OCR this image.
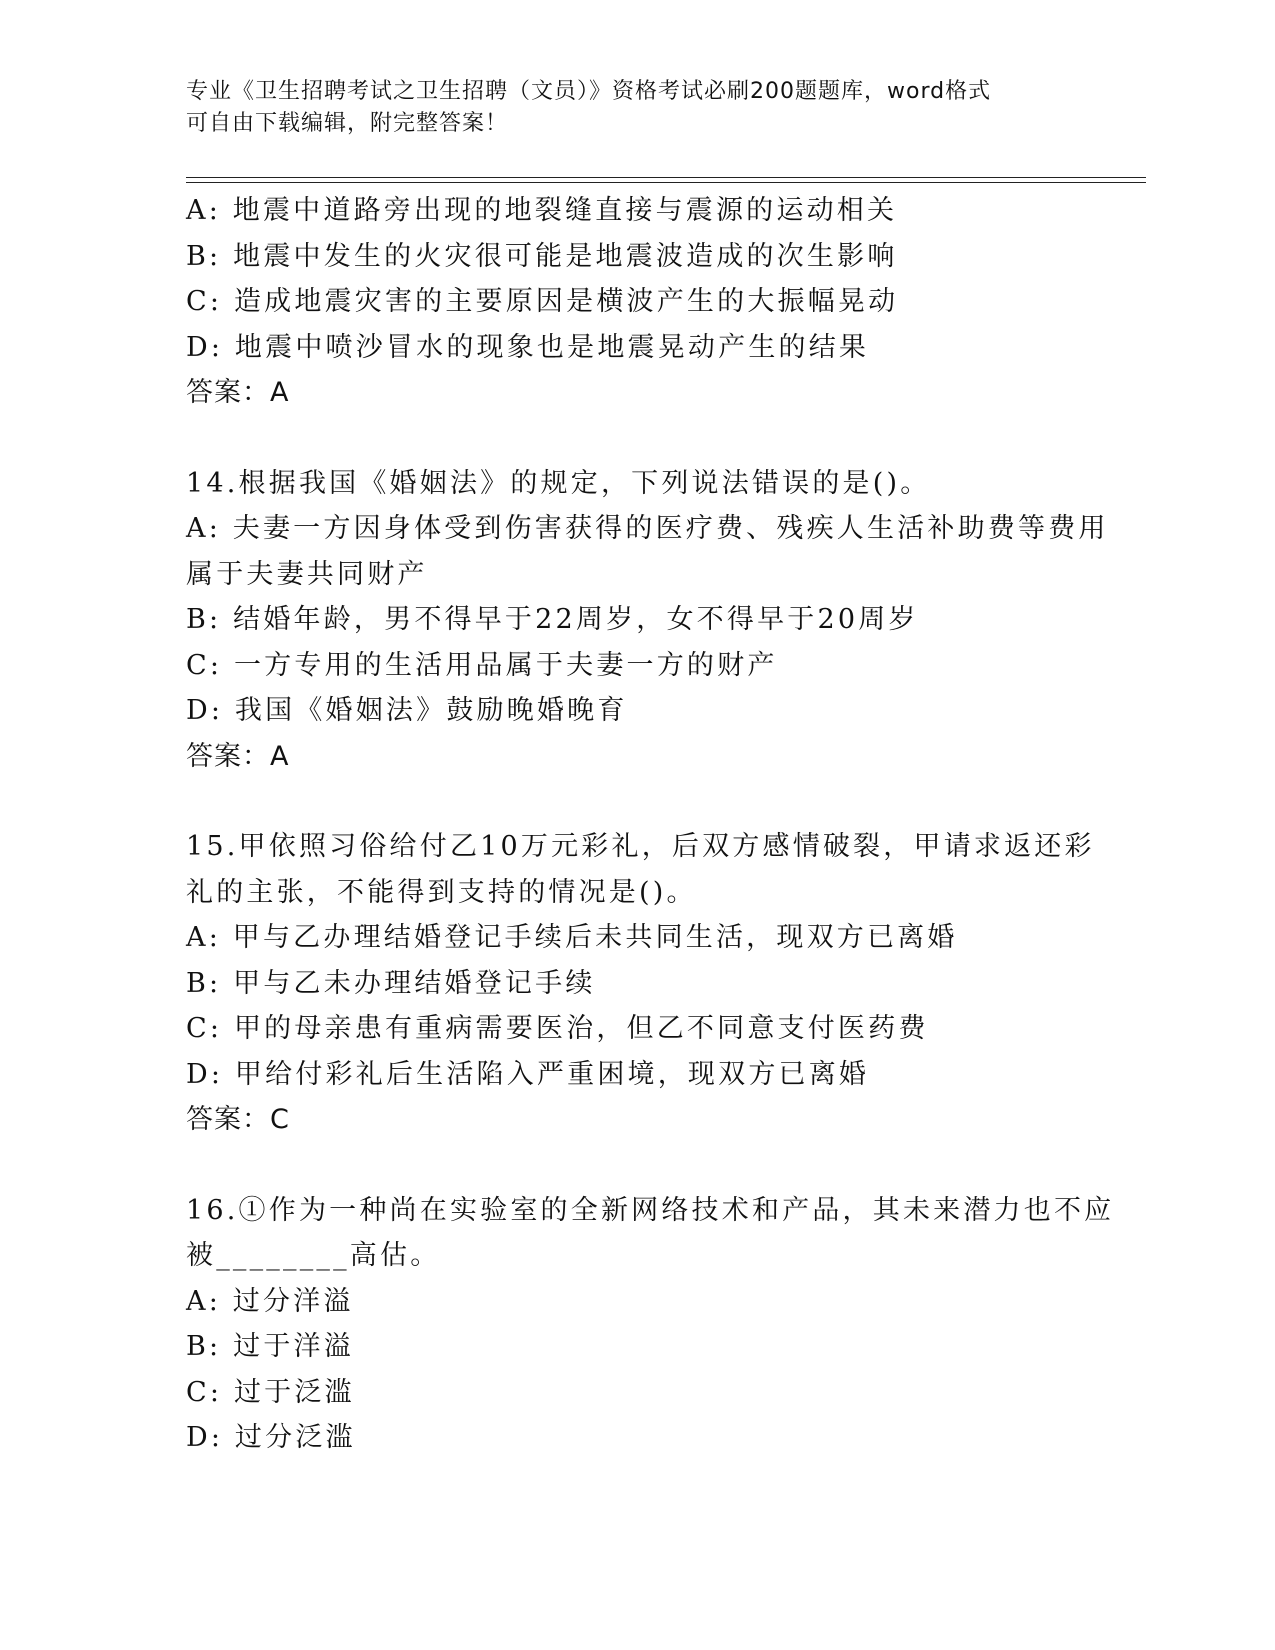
专业《卫生招聘考试之卫生招聘（文员）》资格考试必刷200题题库，word格式
可自由下载编辑，附完整答案！
A: 地震中道路旁出现的地裂缝直接与震源的运动相关
B: 地震中发生的火灾很可能是地震波造成的次生影响
C: 造成地震灾害的主要原因是横波产生的大振幅晃动
D: 地震中喷沙冒水的现象也是地震晃动产生的结果
答案：A
14.根据我国《婚姻法》的规定，下列说法错误的是()。
A: 夫妻一方因身体受到伤害获得的医疗费、残疾人生活补助费等费用
属于夫妻共同财产
B: 结婚年龄，男不得早于22周岁，女不得早于20周岁
C: 一方专用的生活用品属于夫妻一方的财产
D: 我国《婚姻法》鼓励晚婚晚育
答案：A
15.甲依照习俗给付乙10万元彩礼，后双方感情破裂，甲请求返还彩
礼的主张，不能得到支持的情况是()。
A: 甲与乙办理结婚登记手续后未共同生活，现双方已离婚
B: 甲与乙未办理结婚登记手续
C: 甲的母亲患有重病需要医治，但乙不同意支付医药费
D: 甲给付彩礼后生活陷入严重困境，现双方已离婚
答案：C
16.①作为一种尚在实验室的全新网络技术和产品，其未来潜力也不应
被________高估。
A: 过分洋溢
B: 过于洋溢
C: 过于泛滥
D: 过分泛滥
